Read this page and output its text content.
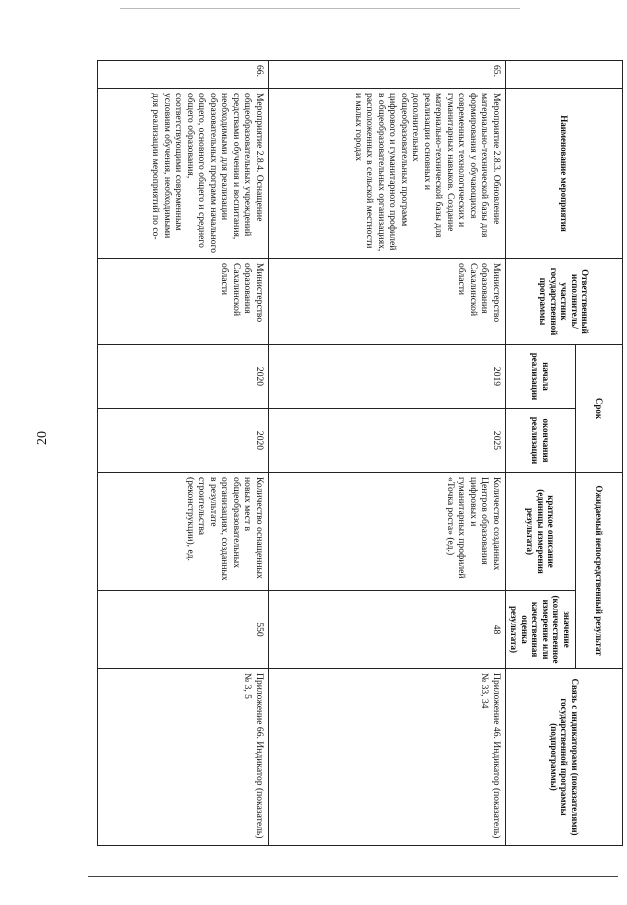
20
	Наименование мероприятия	Ответственный исполнитель/участник государственной программы	Срок		Ожидаемый непосредственный результат		Связь с индикаторами (показателями) государственной программы (подпрограммы)
			начала реализации	окончания реализации	краткое описание (единицы измерения результата)	значение (количественное измерение или качественная оценка результата)	
65.	Мероприятие 2.8.3. Обновление материально-технической базы для формирования у обучающихся современных технологических и гуманитарных навыков. Создание материально-технической базы для реализации основных и дополнительных общеобразовательных программ цифрового и гуманитарного профилей в общеобразовательных организациях, расположенных в сельской местности и малых городах	Министерство образования Сахалинской области	2019	2025	Количество созданных Центров образования цифровых и гуманитарных профилей «Точка роста» (ед.)	48	Приложение 46. Индикатор (показатель) № 33, 34
66.	Мероприятие 2.8.4. Оснащение общеобразовательных учреждений средствами обучения и воспитания, необходимыми для реализации образовательных программ начального общего, основного общего и среднего общего образования, соответствующими современным условиям обучения, необходимыми для реализации мероприятий по со-	Министерство образования Сахалинской области	2020	2020	Количество оснащенных новых мест в общеобразовательных организациях, созданных в результате строительства (реконструкции), ед.	550	Приложение 66. Индикатор (показатель) № 3, 5
